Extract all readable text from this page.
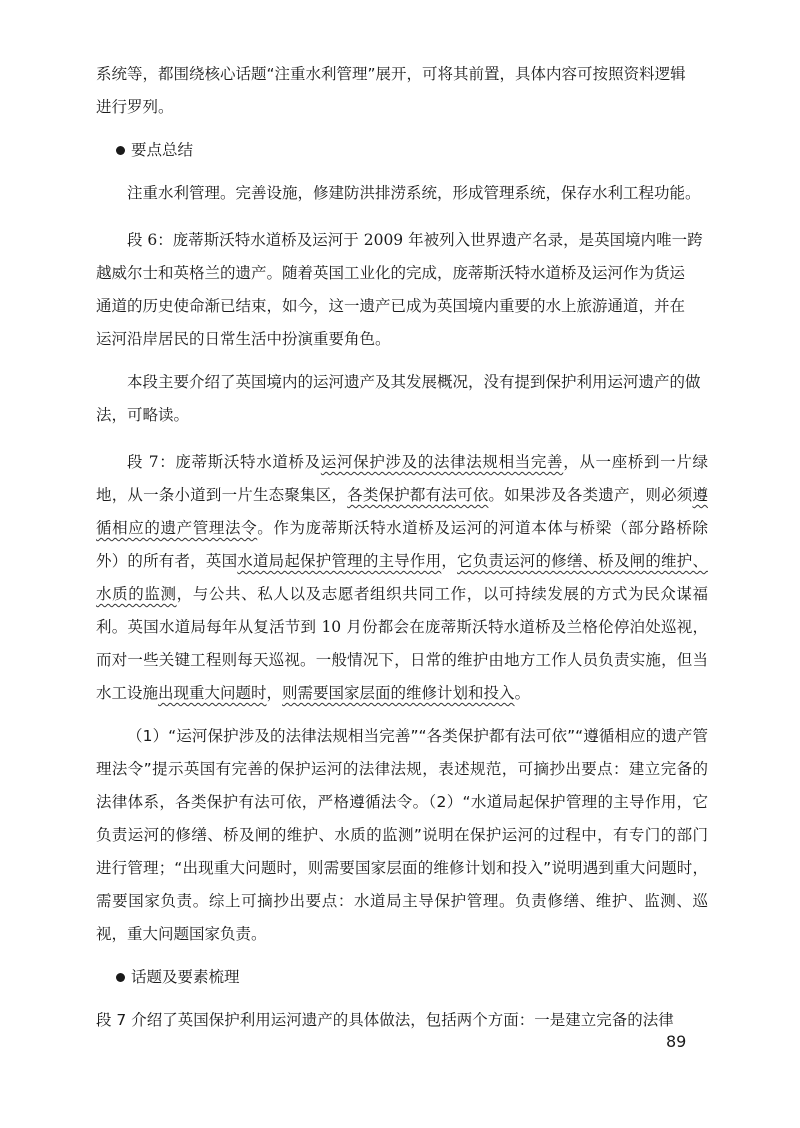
系统等，都围绕核心话题“注重水利管理”展开，可将其前置，具体内容可按照资料逻辑
进行罗列。

要点总结

注重水利管理。完善设施，修建防洪排涝系统，形成管理系统，保存水利工程功能。

段 6：庞蒂斯沃特水道桥及运河于 2009 年被列入世界遗产名录，是英国境内唯一跨
越威尔士和英格兰的遗产。随着英国工业化的完成，庞蒂斯沃特水道桥及运河作为货运
通道的历史使命渐已结束，如今，这一遗产已成为英国境内重要的水上旅游通道，并在
运河沿岸居民的日常生活中扮演重要角色。

本段主要介绍了英国境内的运河遗产及其发展概况，没有提到保护利用运河遗产的做
法，可略读。

段 7：庞蒂斯沃特水道桥及运河保护涉及的法律法规相当完善，从一座桥到一片绿地，从一条小道到一片生态聚集区，各类保护都有法可依。如果涉及各类遗产，则必须遵循相应的遗产管理法令。作为庞蒂斯沃特水道桥及运河的河道本体与桥梁（部分路桥除外）的所有者，英国水道局起保护管理的主导作用，它负责运河的修缮、桥及闸的维护、水质的监测，与公共、私人以及志愿者组织共同工作，以可持续发展的方式为民众谋福利。英国水道局每年从复活节到 10 月份都会在庞蒂斯沃特水道桥及兰格伦停泊处巡视，而对一些关键工程则每天巡视。一般情况下，日常的维护由地方工作人员负责实施，但当水工设施出现重大问题时，则需要国家层面的维修计划和投入。

（1）“运河保护涉及的法律法规相当完善”“各类保护都有法可依”“遵循相应的遗产管理法令”提示英国有完善的保护运河的法律法规，表述规范，可摘抄出要点：建立完备的法律体系，各类保护有法可依，严格遵循法令。（2）“水道局起保护管理的主导作用，它负责运河的修缮、桥及闸的维护、水质的监测”说明在保护运河的过程中，有专门的部门进行管理；“出现重大问题时，则需要国家层面的维修计划和投入”说明遇到重大问题时，需要国家负责。综上可摘抄出要点：水道局主导保护管理。负责修缮、维护、监测、巡视，重大问题国家负责。

话题及要素梳理

段 7 介绍了英国保护利用运河遗产的具体做法，包括两个方面：一是建立完备的法律

89
